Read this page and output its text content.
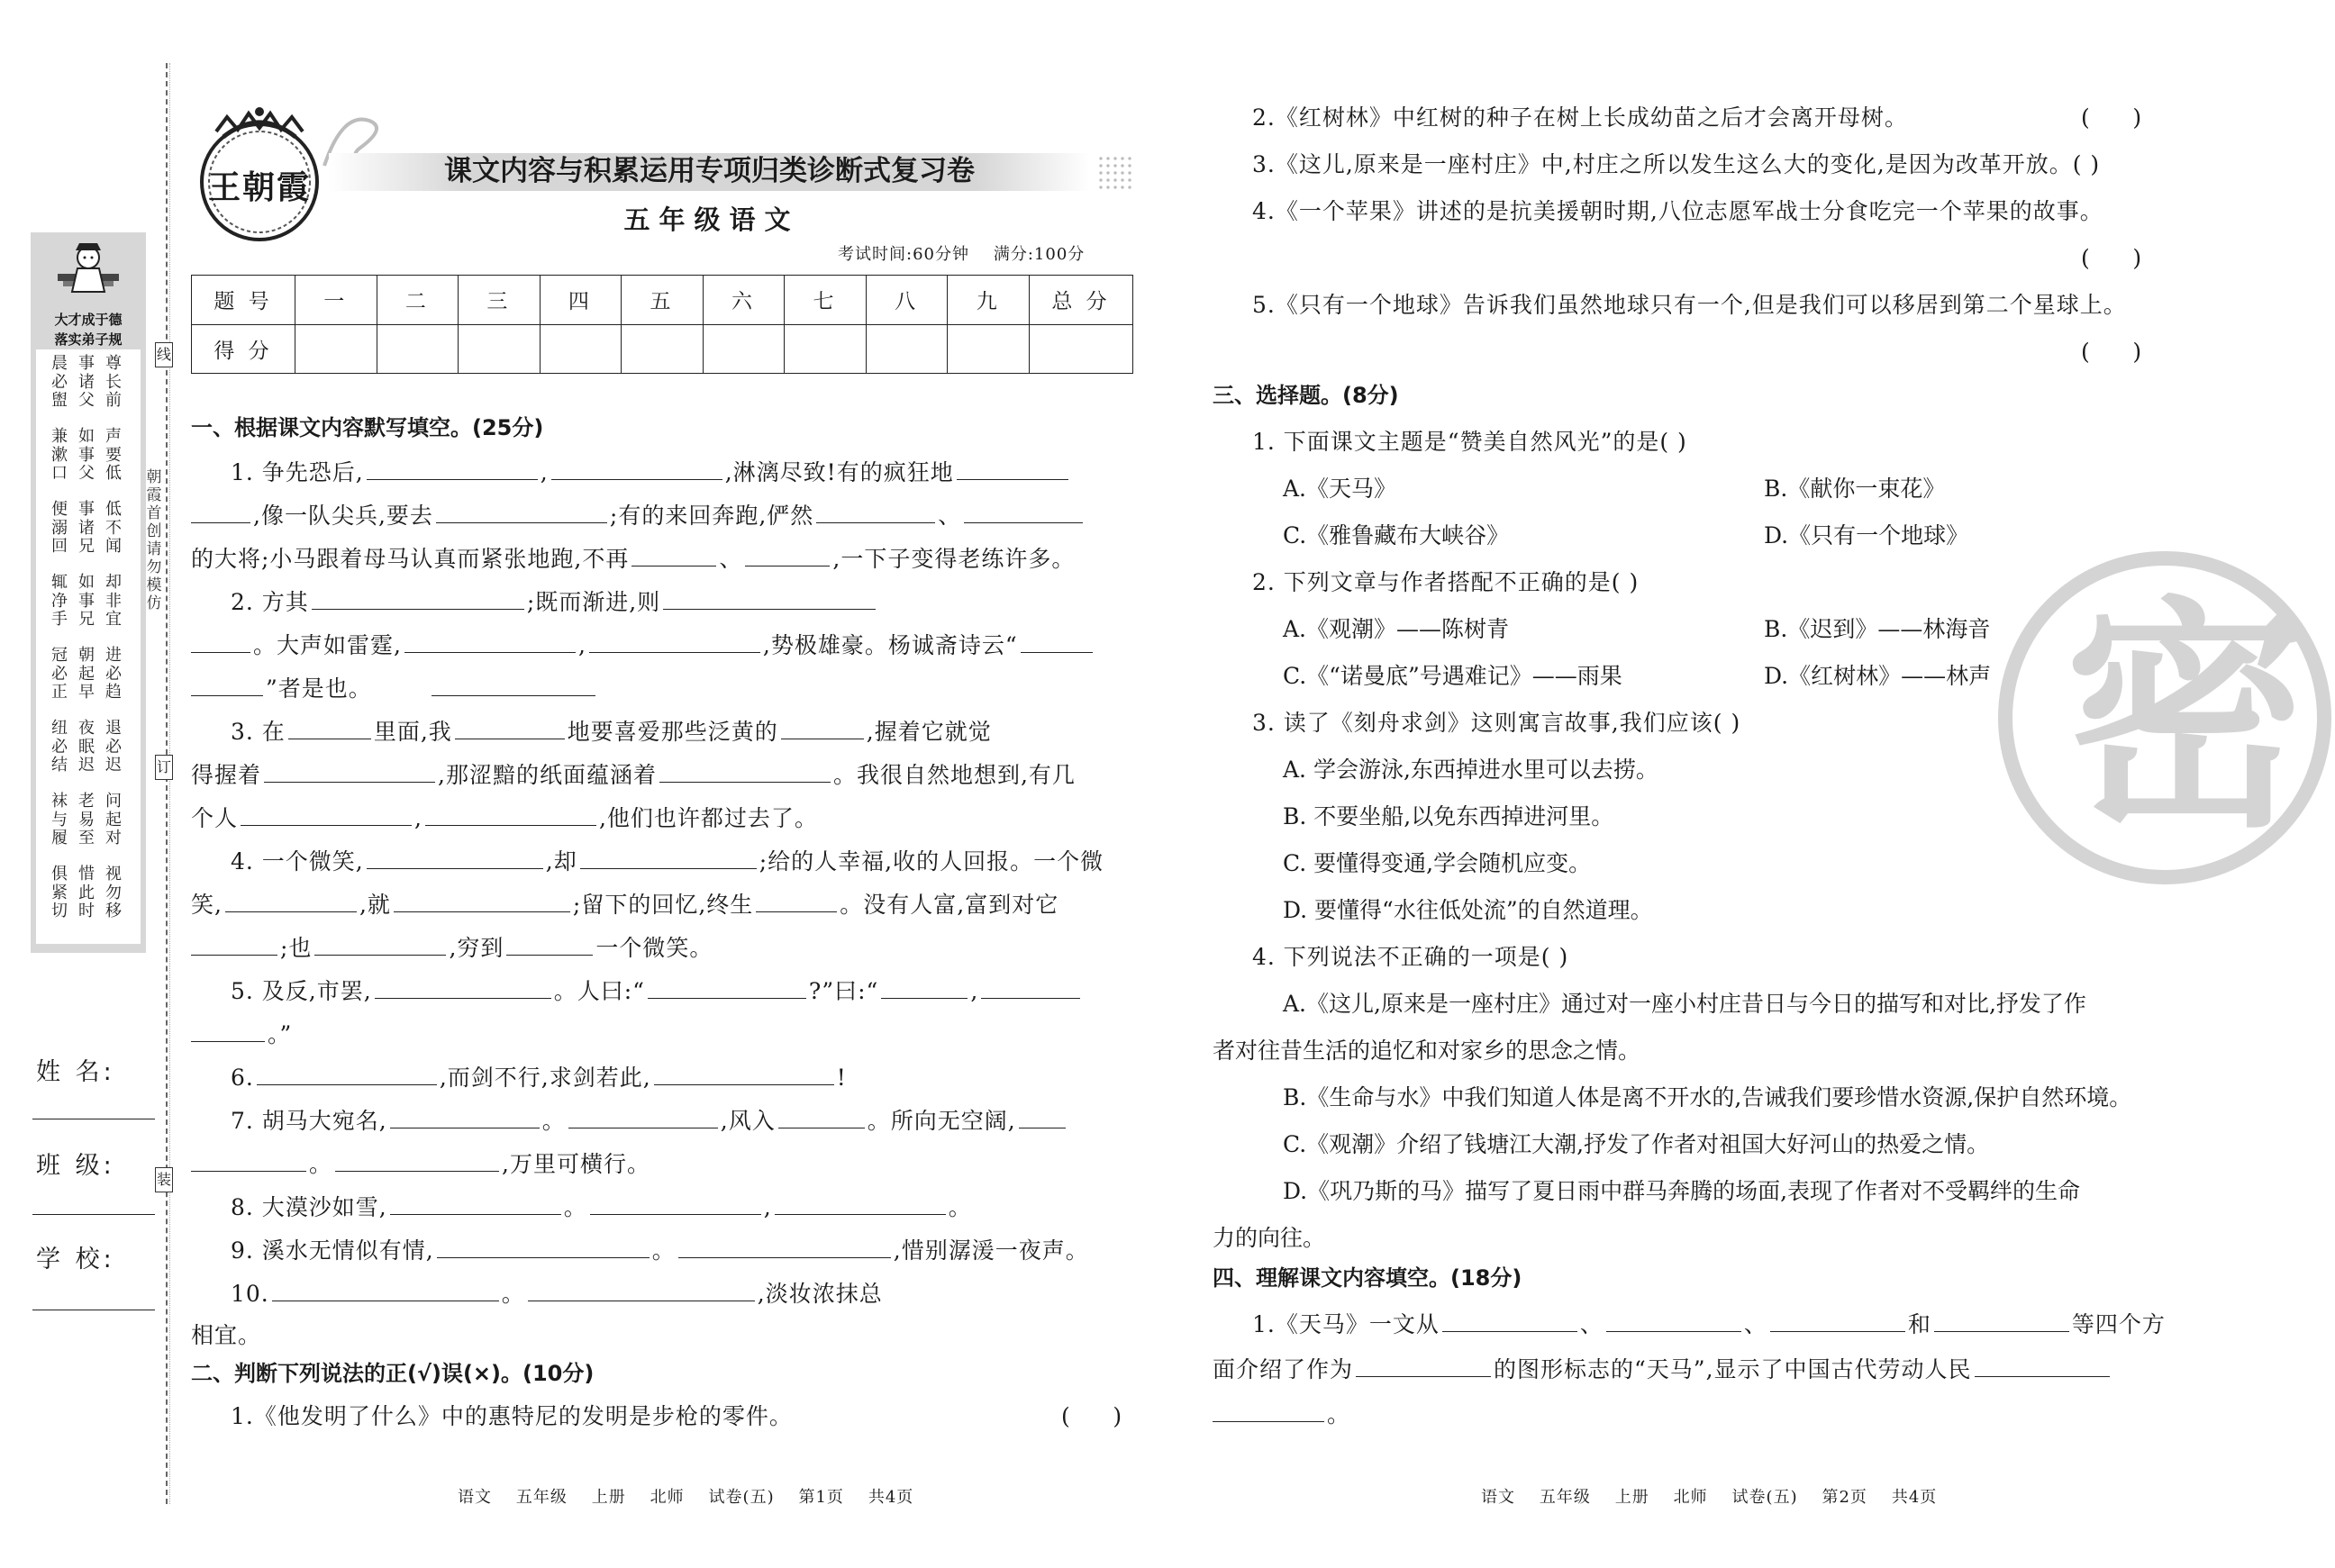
大才成于德
落实弟子规
晨必盥
事诸父
尊长前
兼漱口
如事父
声要低
便溺回
事诸兄
低不闻
辄净手
如事兄
却非宜
冠必正
朝起早
进必趋
纽必结
夜眠迟
退必迟
袜与履
老易至
问起对
俱紧切
惜此时
视勿移
朝霞首创 请勿模仿
线
订
装
姓 名:
班 级:
学 校:
王朝霞	课文内容与积累运用专项归类诊断式复习卷
五年级语文
考试时间:60分钟    满分:100分
题 号	一	二	三	四	五	六	七	八	九	总 分
得 分										
一、根据课文内容默写填空。(25分)
1. 争先恐后,	,	,淋漓尽致!有的疯狂地
,像一队尖兵,要去	;有的来回奔跑,俨然	、
的大将;小马跟着母马认真而紧张地跑,不再	、	,一下子变得老练许多。
2. 方其	;既而渐进,则
。大声如雷霆,	,	,势极雄豪。杨诚斋诗云“
”者是也。
3. 在	里面,我	地要喜爱那些泛黄的	,握着它就觉
得握着	,那涩黯的纸面蕴涵着	。我很自然地想到,有几
个人	,	,他们也许都过去了。
4. 一个微笑,	,却	;给的人幸福,收的人回报。一个微
笑,	,就	;留下的回忆,终生	。没有人富,富到对它
;也	,穷到	一个微笑。
5. 及反,市罢,	。人曰:“	?”曰:“	,
。”
6.	,而剑不行,求剑若此,	!
7. 胡马大宛名,	。	,风入	。所向无空阔,
。	,万里可横行。
8. 大漠沙如雪,	。	,	。
9. 溪水无情似有情,	。	,惜别潺湲一夜声。
10.	。	,淡妆浓抹总
相宜。
二、判断下列说法的正(√)误(×)。(10分)
1.《他发明了什么》中的惠特尼的发明是步枪的零件。	(      )
语文    五年级    上册    北师    试卷(五)    第1页    共4页
密
2.《红树林》中红树的种子在树上长成幼苗之后才会离开母树。	(      )
3.《这儿,原来是一座村庄》中,村庄之所以发生这么大的变化,是因为改革开放。( )
4.《一个苹果》讲述的是抗美援朝时期,八位志愿军战士分食吃完一个苹果的故事。
(      )
5.《只有一个地球》告诉我们虽然地球只有一个,但是我们可以移居到第二个星球上。
(      )
三、选择题。(8分)
1. 下面课文主题是“赞美自然风光”的是( )
A.《天马》	B.《献你一束花》
C.《雅鲁藏布大峡谷》	D.《只有一个地球》
2. 下列文章与作者搭配不正确的是( )
A.《观潮》——陈树青	B.《迟到》——林海音
C.《“诺曼底”号遇难记》——雨果	D.《红树林》——林声
3. 读了《刻舟求剑》这则寓言故事,我们应该( )
A. 学会游泳,东西掉进水里可以去捞。
B. 不要坐船,以免东西掉进河里。
C. 要懂得变通,学会随机应变。
D. 要懂得“水往低处流”的自然道理。
4. 下列说法不正确的一项是( )
A.《这儿,原来是一座村庄》通过对一座小村庄昔日与今日的描写和对比,抒发了作
者对往昔生活的追忆和对家乡的思念之情。
B.《生命与水》中我们知道人体是离不开水的,告诫我们要珍惜水资源,保护自然环境。
C.《观潮》介绍了钱塘江大潮,抒发了作者对祖国大好河山的热爱之情。
D.《巩乃斯的马》描写了夏日雨中群马奔腾的场面,表现了作者对不受羁绊的生命
力的向往。
四、理解课文内容填空。(18分)
1.《天马》一文从	、	、	和	等四个方
面介绍了作为	的图形标志的“天马”,显示了中国古代劳动人民
。
语文    五年级    上册    北师    试卷(五)    第2页    共4页
